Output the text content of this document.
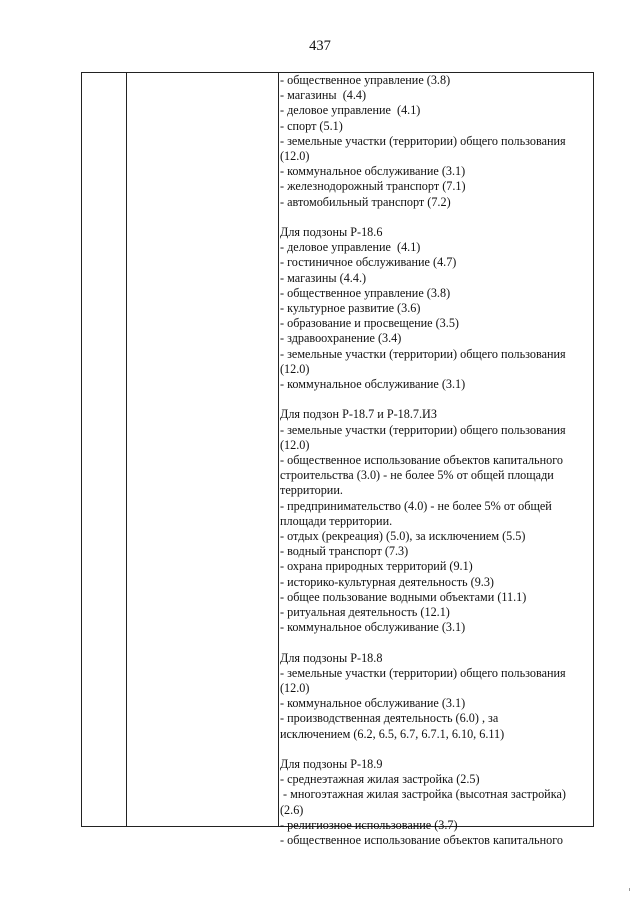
437
- общественное управление (3.8)
- магазины  (4.4)
- деловое управление  (4.1)
- спорт (5.1)
- земельные участки (территории) общего пользования
(12.0)
- коммунальное обслуживание (3.1)
- железнодорожный транспорт (7.1)
- автомобильный транспорт (7.2)
Для подзоны Р-18.6
- деловое управление  (4.1)
- гостиничное обслуживание (4.7)
- магазины (4.4.)
- общественное управление (3.8)
- культурное развитие (3.6)
- образование и просвещение (3.5)
- здравоохранение (3.4)
- земельные участки (территории) общего пользования
(12.0)
- коммунальное обслуживание (3.1)
Для подзон Р-18.7 и Р-18.7.ИЗ
- земельные участки (территории) общего пользования
(12.0)
- общественное использование объектов капитального
строительства (3.0) - не более 5% от общей площади
территории.
- предпринимательство (4.0) - не более 5% от общей
площади территории.
- отдых (рекреация) (5.0), за исключением (5.5)
- водный транспорт (7.3)
- охрана природных территорий (9.1)
- историко-культурная деятельность (9.3)
- общее пользование водными объектами (11.1)
- ритуальная деятельность (12.1)
- коммунальное обслуживание (3.1)
Для подзоны Р-18.8
- земельные участки (территории) общего пользования
(12.0)
- коммунальное обслуживание (3.1)
- производственная деятельность (6.0) , за
исключением (6.2, 6.5, 6.7, 6.7.1, 6.10, 6.11)
Для подзоны Р-18.9
- среднеэтажная жилая застройка (2.5)
- многоэтажная жилая застройка (высотная застройка)
(2.6)
- религиозное использование (3.7)
- общественное использование объектов капитального
